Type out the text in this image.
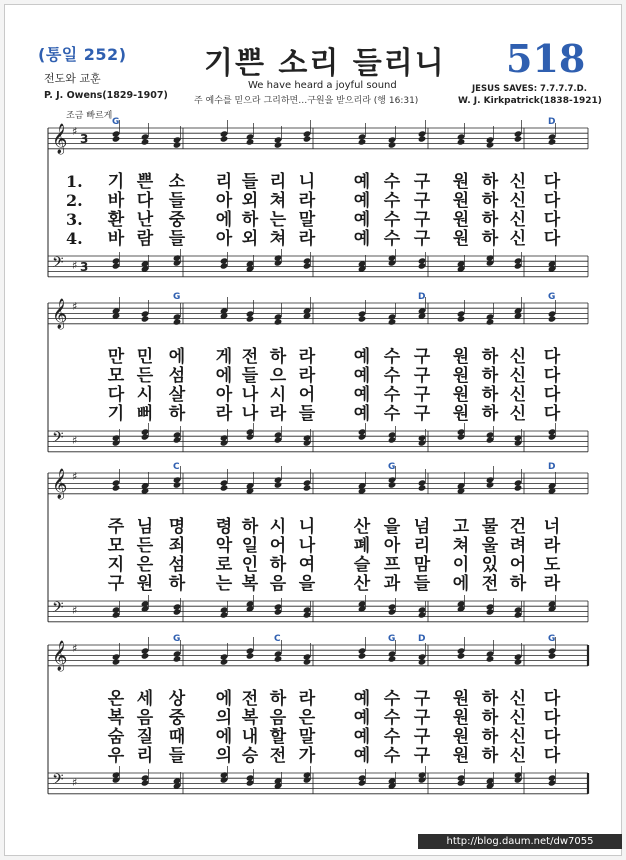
(통일 252)
전도와 교훈
P. J. Owens(1829-1907)
조금 빠르게
기쁜 소리 들리니
We have heard a joyful sound
주 예수를 믿으라 그리하면…구원을 받으리라 (행 16:31)
518
JESUS SAVES: 7.7.7.7.D.
W. J. Kirkpatrick(1838-1921)
𝄞 ♯
3
𝄢 ♯ 3
G	D
𝄞 ♯
𝄢 ♯
G	D	G
𝄞 ♯
𝄢 ♯
C	G	D
𝄞 ♯
𝄢 ♯
G	C	G	D	G
1. 기 쁜 소 리 들 리 니 예 수 구 원 하 신 다
2. 바 다 들 아 외 쳐 라 예 수 구 원 하 신 다
3. 환 난 중 에 하 는 말 예 수 구 원 하 신 다
4. 바 람 들 아 외 쳐 라 예 수 구 원 하 신 다
만 민 에 게 전 하 라 예 수 구 원 하 신 다
모 든 섬 에 들 으 라 예 수 구 원 하 신 다
다 시 살 아 나 시 어 예 수 구 원 하 신 다
기 뻐 하 라 나 라 들 예 수 구 원 하 신 다
주 님 명 령 하 시 니 산 을 넘 고 물 건 너
모 든 죄 악 일 어 나 폐 아 리 쳐 울 려 라
지 은 섬 로 인 하 여 슬 프 맘 이 있 어 도
구 원 하 는 복 음 을 산 과 들 에 전 하 라
온 세 상 에 전 하 라 예 수 구 원 하 신 다
복 음 중 의 복 음 은 예 수 구 원 하 신 다
숨 질 때 에 내 할 말 예 수 구 원 하 신 다
우 리 들 의 승 전 가 예 수 구 원 하 신 다
http://blog.daum.net/dw7055
